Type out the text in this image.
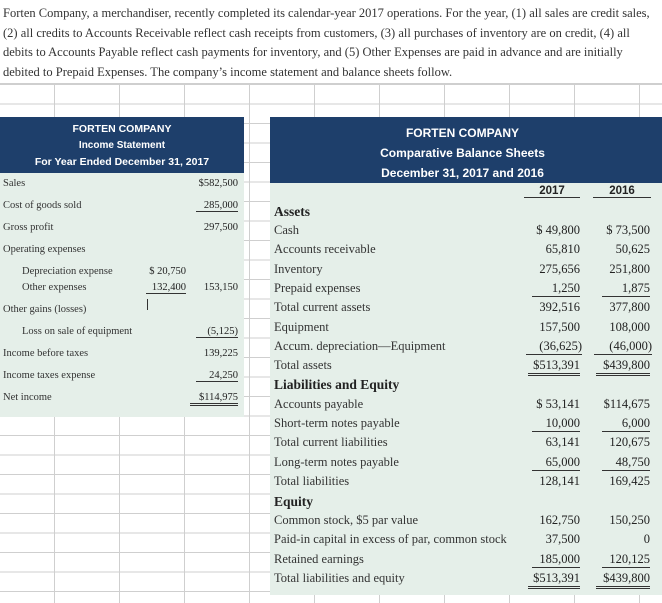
Forten Company, a merchandiser, recently completed its calendar-year 2017 operations. For the year, (1) all sales are credit sales,

(2) all credits to Accounts Receivable reflect cash receipts from customers, (3) all purchases of inventory are on credit, (4) all

debits to Accounts Payable reflect cash payments for inventory, and (5) Other Expenses are paid in advance and are initially

debited to Prepaid Expenses. The company’s income statement and balance sheets follow.

FORTEN COMPANY
Income Statement
For Year Ended December 31, 2017
Sales	$582,500
Cost of goods sold	285,000
Gross profit	297,500
Operating expenses
Depreciation expense	$ 20,750
Other expenses	132,400	153,150
Other gains (losses)
Loss on sale of equipment	(5,125)
Income before taxes	139,225
Income taxes expense	24,250
Net income	$114,975
FORTEN COMPANY
Comparative Balance Sheets
December 31, 2017 and 2016
2017	2016
Assets
Cash	$ 49,800	$ 73,500
Accounts receivable	65,810	50,625
Inventory	275,656	251,800
Prepaid expenses	1,250	1,875
Total current assets	392,516	377,800
Equipment	157,500	108,000
Accum. depreciation—Equipment	(36,625)	(46,000)
Total assets	$513,391	$439,800
Liabilities and Equity
Accounts payable	$ 53,141	$114,675
Short-term notes payable	10,000	6,000
Total current liabilities	63,141	120,675
Long-term notes payable	65,000	48,750
Total liabilities	128,141	169,425
Equity
Common stock, $5 par value	162,750	150,250
Paid-in capital in excess of par, common stock	37,500	0
Retained earnings	185,000	120,125
Total liabilities and equity	$513,391	$439,800
